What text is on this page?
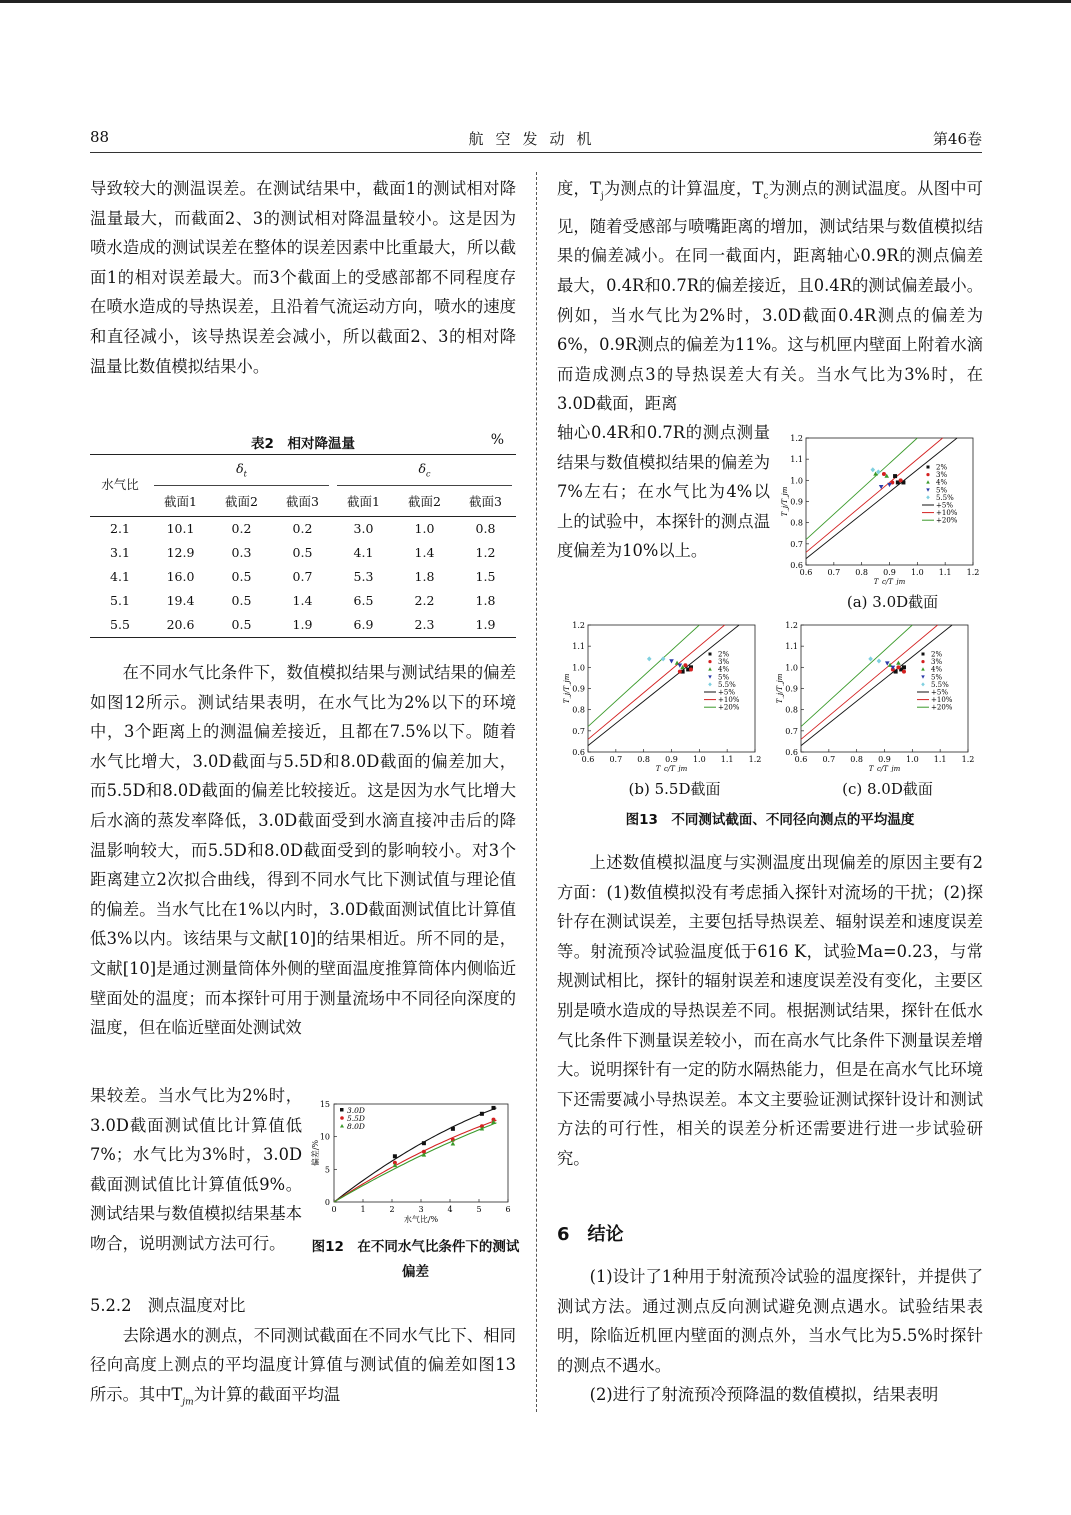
88	航空发动机	第46卷

导致较大的测温误差。在测试结果中，截面1的测试相对降温量最大，而截面2、3的测试相对降温量较小。这是因为喷水造成的测试误差在整体的误差因素中比重最大，所以截面1的相对误差最大。而3个截面上的受感部都不同程度存在喷水造成的导热误差，且沿着气流运动方向，喷水的速度和直径减小，该导热误差会减小，所以截面2、3的相对降温量比数值模拟结果小。

表2　相对降温量	%
水气比	$\delta_t$			$\delta_c$

	截面1	截面2	截面3	截面1	截面2	截面3
2.1	10.1	0.2	0.2	3.0	1.0	0.8
3.1	12.9	0.3	0.5	4.1	1.4	1.2
4.1	16.0	0.5	0.7	5.3	1.8	1.5
5.1	19.4	0.5	1.4	6.5	2.2	1.8
5.5	20.6	0.5	1.9	6.9	2.3	1.9

在不同水气比条件下，数值模拟结果与测试结果的偏差如图12所示。测试结果表明，在水气比为2%以下的环境中，3个距离上的测温偏差接近，且都在7.5%以下。随着水气比增大，3.0D截面与5.5D和8.0D截面的偏差加大，而5.5D和8.0D截面的偏差比较接近。这是因为水气比增大后水滴的蒸发率降低，3.0D截面受到水滴直接冲击后的降温影响较大，而5.5D和8.0D截面受到的影响较小。对3个距离建立2次拟合曲线，得到不同水气比下测试值与理论值的偏差。当水气比在1%以内时，3.0D截面测试值比计算值低3%以内。该结果与文献[10]的结果相近。所不同的是，文献[10]是通过测量筒体外侧的壁面温度推算筒体内侧临近壁面处的温度；而本探针可用于测量流场中不同径向深度的温度，但在临近壁面处测试效

果较差。当水气比为2%时，3.0D截面测试值比计算值低7%；水气比为3%时，3.0D截面测试值比计算值低9%。测试结果与数值模拟结果基本吻合，说明测试方法可行。

0	1	2	3	4	5	6
0
5
10
15
水气比/%
偏差/%
3.0D
5.5D
8.0D
图12　在不同水气比条件下的测试偏差

5.2.2　测点温度对比

去除遇水的测点，不同测试截面在不同水气比下、相同径向高度上测点的平均温度计算值与测试值的偏差如图13所示。其中$T_{jm}$为计算的截面平均温

度，$T_j$为测点的计算温度，$T_c$为测点的测试温度。从图中可见，随着受感部与喷嘴距离的增加，测试结果与数值模拟结果的偏差减小。在同一截面内，距离轴心0.9R的测点偏差最大，0.4R和0.7R的偏差接近，且0.4R的测试偏差最小。例如，当水气比为2%时，3.0D截面0.4R测点的偏差为6%，0.9R测点的偏差为11%。这与机匣内壁面上附着水滴而造成测点3的导热误差大有关。当水气比为3%时，在3.0D截面，距离

轴心0.4R和0.7R的测点测量结果与数值模拟结果的偏差为7%左右；在水气比为4%以上的试验中，本探针的测点温度偏差为10%以上。

0.6 0.7 0.8 0.9 1.0 1.1 1.2
0.6
0.7
0.8
0.9
1.0
1.1
1.2
T_c/T_jm
T_j/T_jm
2%
3%
4%
5%
5.5%
+5%
+10%
+20%
(a) 3.0D截面
0.6 0.7 0.8 0.9 1.0 1.1 1.2
0.6
0.7
0.8
0.9
1.0
1.1
1.2
T_c/T_jm
T_j/T_jm
2%
3%
4%
5%
5.5%
+5%
+10%
+20%
(b) 5.5D截面
0.6 0.7 0.8 0.9 1.0 1.1 1.2
0.6
0.7
0.8
0.9
1.0
1.1
1.2
T_c/T_jm
T_j/T_jm
2%
3%
4%
5%
5.5%
+5%
+10%
+20%
(c) 8.0D截面
图13　不同测试截面、不同径向测点的平均温度

上述数值模拟温度与实测温度出现偏差的原因主要有2方面：(1)数值模拟没有考虑插入探针对流场的干扰；(2)探针存在测试误差，主要包括导热误差、辐射误差和速度误差等。射流预冷试验温度低于616 K，试验Ma=0.23，与常规测试相比，探针的辐射误差和速度误差没有变化，主要区别是喷水造成的导热误差不同。根据测试结果，探针在低水气比条件下测量误差较小，而在高水气比条件下测量误差增大。说明探针有一定的防水隔热能力，但是在高水气比环境下还需要减小导热误差。本文主要验证测试探针设计和测试方法的可行性，相关的误差分析还需要进行进一步试验研究。

6　结论

(1)设计了1种用于射流预冷试验的温度探针，并提供了测试方法。通过测点反向测试避免测点遇水。试验结果表明，除临近机匣内壁面的测点外，当水气比为5.5%时探针的测点不遇水。

(2)进行了射流预冷预降温的数值模拟，结果表明
